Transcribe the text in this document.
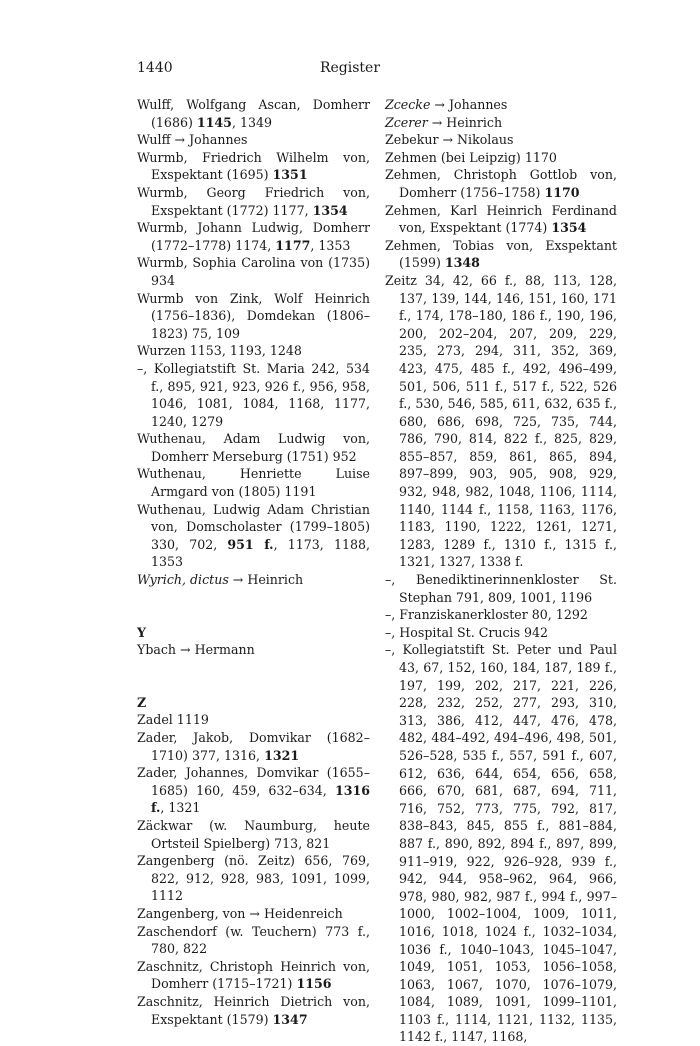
1440	Register
Wulff, Wolfgang Ascan, Domherr (1686) 1145, 1349
Wulff → Johannes
Wurmb, Friedrich Wilhelm von, Exspektant (1695) 1351
Wurmb, Georg Friedrich von, Exspektant (1772) 1177, 1354
Wurmb, Johann Ludwig, Domherr (1772–1778) 1174, 1177, 1353
Wurmb, Sophia Carolina von (1735) 934
Wurmb von Zink, Wolf Heinrich (1756–1836), Domdekan (1806–1823) 75, 109
Wurzen 1153, 1193, 1248
–, Kollegiatstift St. Maria 242, 534 f., 895, 921, 923, 926 f., 956, 958, 1046, 1081, 1084, 1168, 1177, 1240, 1279
Wuthenau, Adam Ludwig von, Domherr Merseburg (1751) 952
Wuthenau, Henriette Luise Armgard von (1805) 1191
Wuthenau, Ludwig Adam Christian von, Domscholaster (1799–1805) 330, 702, 951 f., 1173, 1188, 1353
Wyrich, dictus → Heinrich
Y
Ybach → Hermann
Z
Zadel 1119
Zader, Jakob, Domvikar (1682–1710) 377, 1316, 1321
Zader, Johannes, Domvikar (1655–1685) 160, 459, 632–634, 1316 f., 1321
Zäckwar (w. Naumburg, heute Ortsteil Spielberg) 713, 821
Zangenberg (nö. Zeitz) 656, 769, 822, 912, 928, 983, 1091, 1099, 1112
Zangenberg, von → Heidenreich
Zaschendorf (w. Teuchern) 773 f., 780, 822
Zaschnitz, Christoph Heinrich von, Domherr (1715–1721) 1156
Zaschnitz, Heinrich Dietrich von, Exspektant (1579) 1347
Zcecke → Johannes
Zcerer → Heinrich
Zebekur → Nikolaus
Zehmen (bei Leipzig) 1170
Zehmen, Christoph Gottlob von, Domherr (1756–1758) 1170
Zehmen, Karl Heinrich Ferdinand von, Exspektant (1774) 1354
Zehmen, Tobias von, Exspektant (1599) 1348
Zeitz 34, 42, 66 f., 88, 113, 128, 137, 139, 144, 146, 151, 160, 171 f., 174, 178–180, 186 f., 190, 196, 200, 202–204, 207, 209, 229, 235, 273, 294, 311, 352, 369, 423, 475, 485 f., 492, 496–499, 501, 506, 511 f., 517 f., 522, 526 f., 530, 546, 585, 611, 632, 635 f., 680, 686, 698, 725, 735, 744, 786, 790, 814, 822 f., 825, 829, 855–857, 859, 861, 865, 894, 897–899, 903, 905, 908, 929, 932, 948, 982, 1048, 1106, 1114, 1140, 1144 f., 1158, 1163, 1176, 1183, 1190, 1222, 1261, 1271, 1283, 1289 f., 1310 f., 1315 f., 1321, 1327, 1338 f.
–, Benediktinerinnenkloster St. Stephan 791, 809, 1001, 1196
–, Franziskanerkloster 80, 1292
–, Hospital St. Crucis 942
–, Kollegiatstift St. Peter und Paul 43, 67, 152, 160, 184, 187, 189 f., 197, 199, 202, 217, 221, 226, 228, 232, 252, 277, 293, 310, 313, 386, 412, 447, 476, 478, 482, 484–492, 494–496, 498, 501, 526–528, 535 f., 557, 591 f., 607, 612, 636, 644, 654, 656, 658, 666, 670, 681, 687, 694, 711, 716, 752, 773, 775, 792, 817, 838–843, 845, 855 f., 881–884, 887 f., 890, 892, 894 f., 897, 899, 911–919, 922, 926–928, 939 f., 942, 944, 958–962, 964, 966, 978, 980, 982, 987 f., 994 f., 997–1000, 1002–1004, 1009, 1011, 1016, 1018, 1024 f., 1032–1034, 1036 f., 1040–1043, 1045–1047, 1049, 1051, 1053, 1056–1058, 1063, 1067, 1070, 1076–1079, 1084, 1089, 1091, 1099–1101, 1103 f., 1114, 1121, 1132, 1135, 1142 f., 1147, 1168,
